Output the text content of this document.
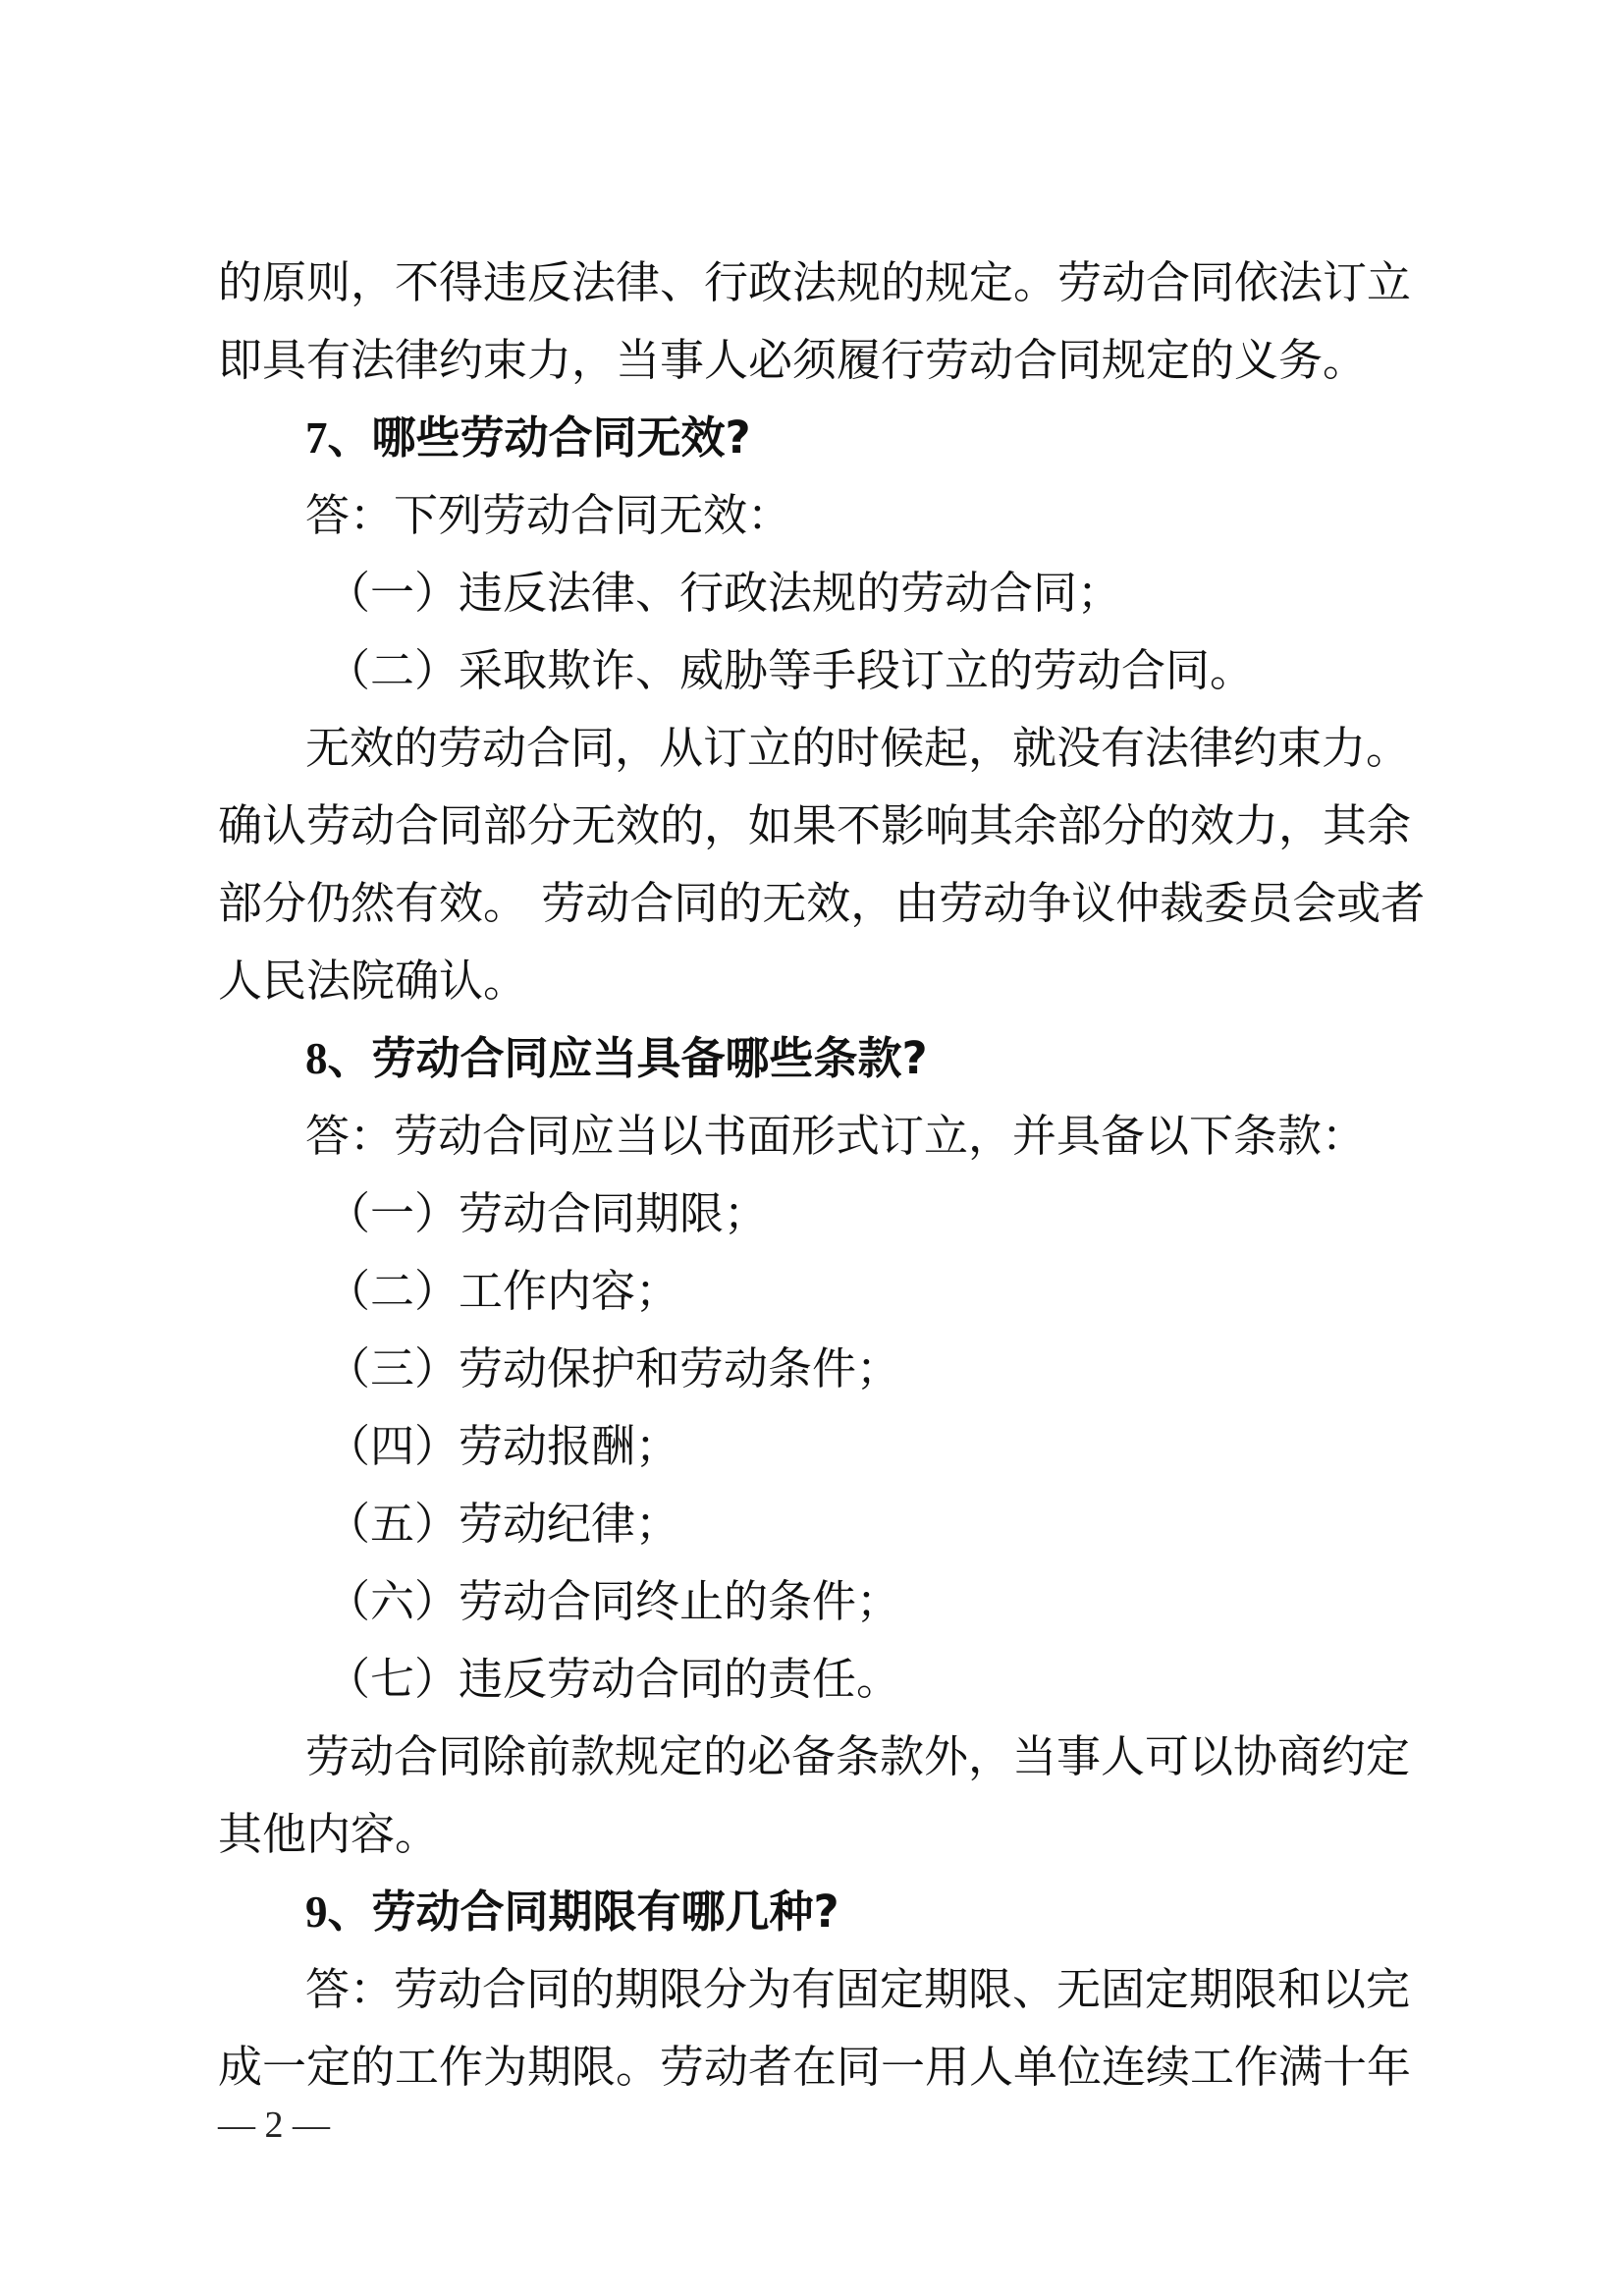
的原则，不得违反法律、行政法规的规定。劳动合同依法订立
即具有法律约束力，当事人必须履行劳动合同规定的义务。
7、哪些劳动合同无效?
答：下列劳动合同无效：
（一）违反法律、行政法规的劳动合同；
（二）采取欺诈、威胁等手段订立的劳动合同。
无效的劳动合同，从订立的时候起，就没有法律约束力。
确认劳动合同部分无效的，如果不影响其余部分的效力，其余
部分仍然有效。 劳动合同的无效，由劳动争议仲裁委员会或者
人民法院确认。
8、劳动合同应当具备哪些条款?
答：劳动合同应当以书面形式订立，并具备以下条款：
（一）劳动合同期限；
（二）工作内容；
（三）劳动保护和劳动条件；
（四）劳动报酬；
（五）劳动纪律；
（六）劳动合同终止的条件；
（七）违反劳动合同的责任。
劳动合同除前款规定的必备条款外，当事人可以协商约定
其他内容。
9、劳动合同期限有哪几种?
答：劳动合同的期限分为有固定期限、无固定期限和以完
成一定的工作为期限。劳动者在同一用人单位连续工作满十年
— 2 —
